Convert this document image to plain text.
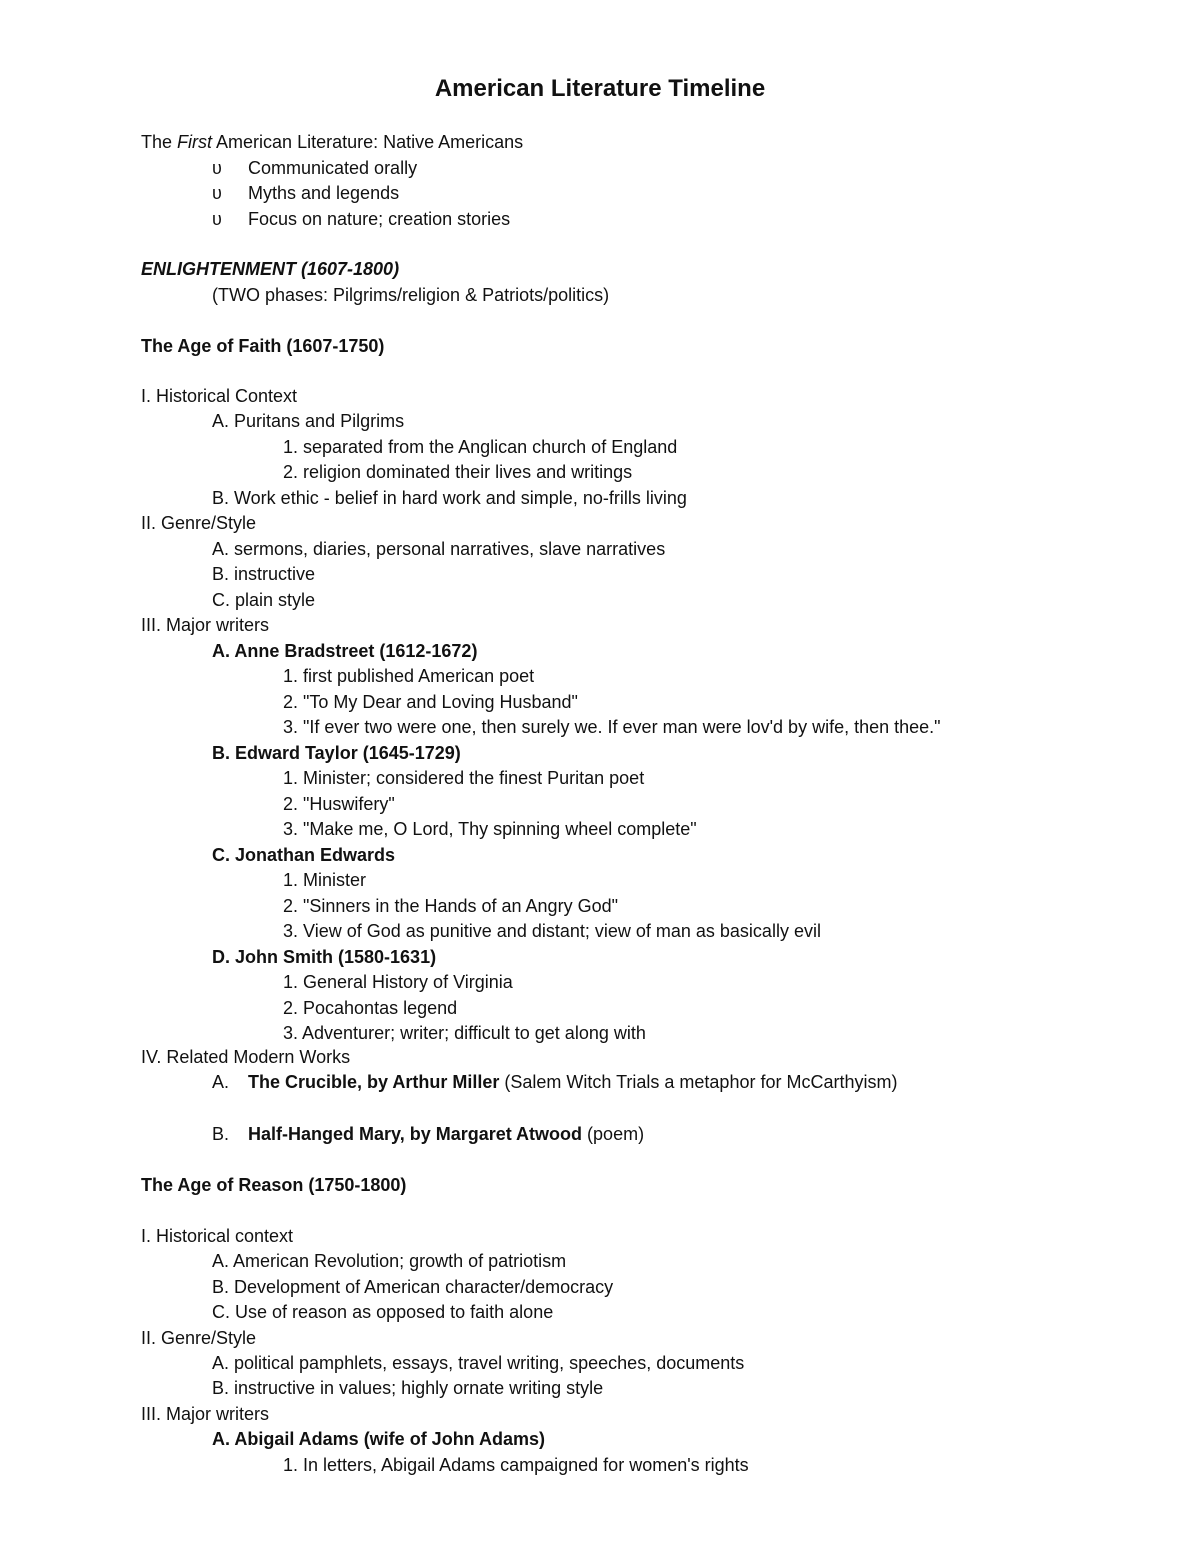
American Literature Timeline
The First American Literature: Native Americans
υ Communicated orally
υ Myths and legends
υ Focus on nature; creation stories
ENLIGHTENMENT (1607-1800)
(TWO phases: Pilgrims/religion & Patriots/politics)
The Age of Faith (1607-1750)
I. Historical Context
A. Puritans and Pilgrims
1. separated from the Anglican church of England
2. religion dominated their lives and writings
B. Work ethic - belief in hard work and simple, no-frills living
II. Genre/Style
A. sermons, diaries, personal narratives, slave narratives
B. instructive
C. plain style
III. Major writers
A. Anne Bradstreet (1612-1672)
1. first published American poet
2. "To My Dear and Loving Husband"
3. "If ever two were one, then surely we. If ever man were lov'd by wife, then thee."
B. Edward Taylor (1645-1729)
1. Minister; considered the finest Puritan poet
2. "Huswifery"
3. "Make me, O Lord, Thy spinning wheel complete"
C. Jonathan Edwards
1. Minister
2. "Sinners in the Hands of an Angry God"
3. View of God as punitive and distant; view of man as basically evil
D. John Smith (1580-1631)
1. General History of Virginia
2. Pocahontas legend
3. Adventurer; writer; difficult to get along with
IV. Related Modern Works
A. The Crucible, by Arthur Miller (Salem Witch Trials a metaphor for McCarthyism)
B. Half-Hanged Mary, by Margaret Atwood (poem)
The Age of Reason (1750-1800)
I. Historical context
A. American Revolution; growth of patriotism
B. Development of American character/democracy
C. Use of reason as opposed to faith alone
II. Genre/Style
A. political pamphlets, essays, travel writing, speeches, documents
B. instructive in values; highly ornate writing style
III. Major writers
A. Abigail Adams (wife of John Adams)
1. In letters, Abigail Adams campaigned for women's rights
